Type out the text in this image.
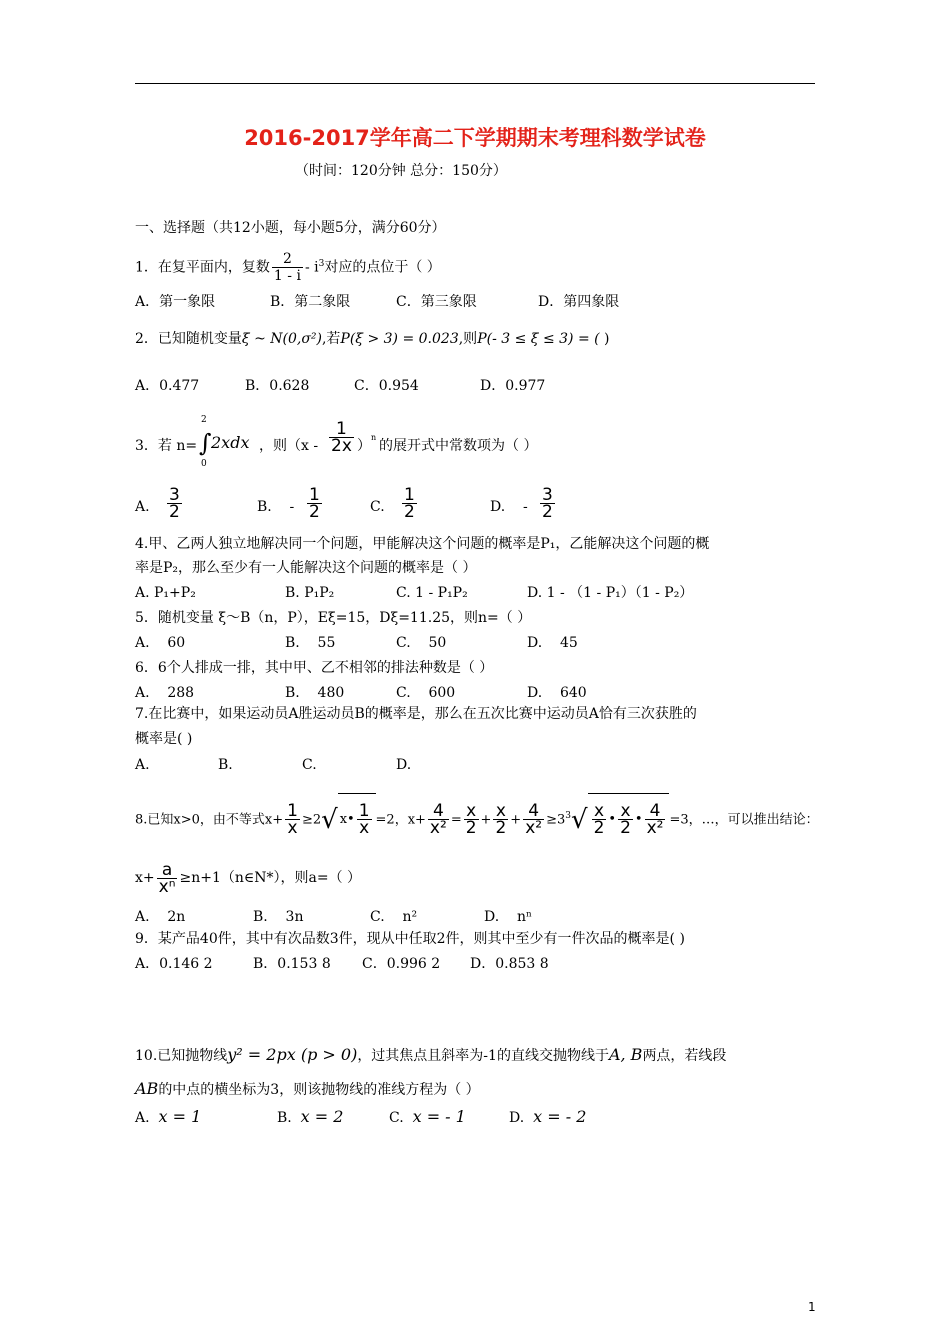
2016-2017学年高二下学期期末考理科数学试卷
（时间：120分钟 总分：150分）
一、选择题（共12小题，每小题5分，满分60分）
1．在复平面内，复数 $\frac{2}{1 - i} - i^3$对应的点位于（ ）
A．第一象限	B．第二象限	C．第三象限	D．第四象限
2．已知随机变量ξ ~ N(0,σ²),若P(ξ > 3) = 0.023,则P(- 3 ≤ ξ ≤ 3) = ( )
A．0.477	B．0.628	C．0.954	D．0.977
3．若 n=
2
∫
0
2xdx ，则（$x - \frac{1}{2x}$ ）
n
的展开式中常数项为（ ）
A. $\frac{3}{2}$	B.    - $\frac{1}{2}$	C. $\frac{1}{2}$	D.    - $\frac{3}{2}$
4.甲、乙两人独立地解决同一个问题，甲能解决这个问题的概率是P₁，乙能解决这个问题的概
率是P₂，那么至少有一人能解决这个问题的概率是（ ）
A. P₁+P₂	B. P₁P₂	C. 1 - P₁P₂	D. 1 - （1 - P₁）（1 - P₂）
5．随机变量 ξ～B（n，P），Eξ=15，Dξ=11.25，则n=（ ）
A.    60	B.    55	C.    50	D.    45
6．6个人排成一排，其中甲、乙不相邻的排法种数是（ ）
A.    288	B.    480	C.    600	D.    640
7.在比赛中，如果运动员A胜运动员B的概率是，那么在五次比赛中运动员A恰有三次获胜的
概率是( )
A.	B.	C.	D.
8.已知x>0，由不等式$x+ \frac{1}{x} \ge 2√$ x• $\frac{1}{x} =2$，$x+ \frac{4}{\text{x²}} = \frac{x}{2} + \frac{x}{2} + \frac{4}{\text{x²}} \ge 3^3√ \frac{x}{2}$ • $\frac{x}{2}$ • $\frac{4}{\text{x²}} =3$，…，可以推出结论：
$x+ \frac{a}{\text{xⁿ}}$ ≥n+1（n∈N*），则a=（ ）
A.    2n	B.    3n	C.    n²	D.    nⁿ
9．某产品40件，其中有次品数3件，现从中任取2件，则其中至少有一件次品的概率是( )
A．0.146 2	B．0.153 8 C．0.996 2 D．0.853 8
10.已知抛物线y² = 2px (p > 0)，过其焦点且斜率为-1的直线交抛物线于A, B两点，若线段
AB的中点的横坐标为3，则该抛物线的准线方程为（ ）
A. x = 1	B. x = 2	C. x = - 1	D. x = - 2
1
